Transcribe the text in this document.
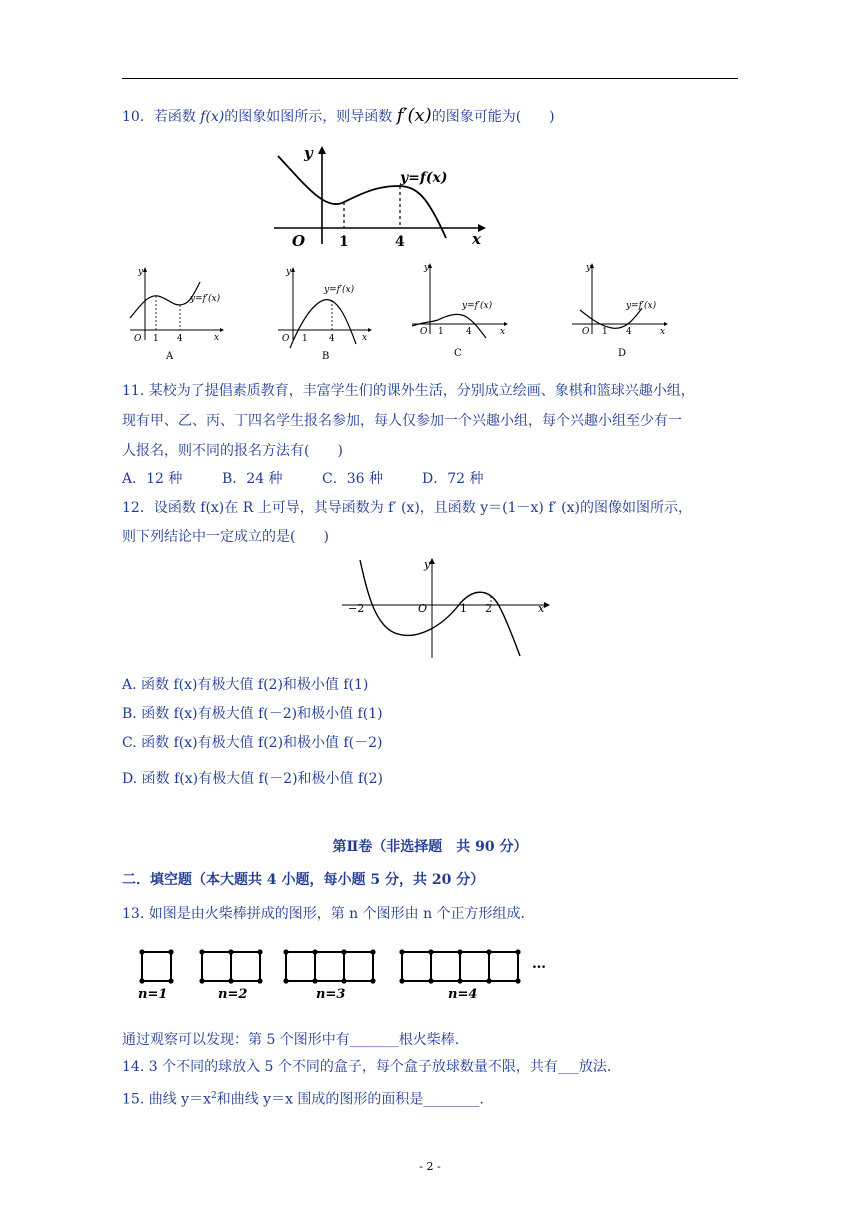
10．若函数 f(x)的图象如图所示，则导函数 f′(x)的图象可能为(　　)
y
x
O 1	4
y=f(x)
y
x
O 1 4
y=f′(x)
A
y
x
O 1 4
y=f′(x)
B
y
x
O 1 4
y=f′(x)
C
y
x
O 1 4
y=f′(x)
D
11. 某校为了提倡素质教育，丰富学生们的课外生活，分别成立绘画、象棋和篮球兴趣小组，
现有甲、乙、丙、丁四名学生报名参加，每人仅参加一个兴趣小组，每个兴趣小组至少有一
人报名，则不同的报名方法有(　　)
A．12 种	B．24 种	C．36 种	D．72 种
12．设函数 f(x)在 R 上可导，其导函数为 f′ (x)，且函数 y＝(1－x) f′ (x)的图像如图所示，
则下列结论中一定成立的是(　　)
y
x
O
−2	1 2
A. 函数 f(x)有极大值 f(2)和极小值 f(1)
B. 函数 f(x)有极大值 f(－2)和极小值 f(1)
C. 函数 f(x)有极大值 f(2)和极小值 f(－2)
D. 函数 f(x)有极大值 f(－2)和极小值 f(2)
第Ⅱ卷（非选择题　共 90 分）
二．填空题（本大题共 4 小题，每小题 5 分，共 20 分）
13. 如图是由火柴棒拼成的图形，第 n 个图形由 n 个正方形组成.
n=1	n=2	n=3	n=4
…
通过观察可以发现：第 5 个图形中有_______根火柴棒.
14. 3 个不同的球放入 5 个不同的盒子，每个盒子放球数量不限，共有___放法.
15. 曲线 $y=x^2$和曲线 y＝x 围成的图形的面积是________.
- 2 -
